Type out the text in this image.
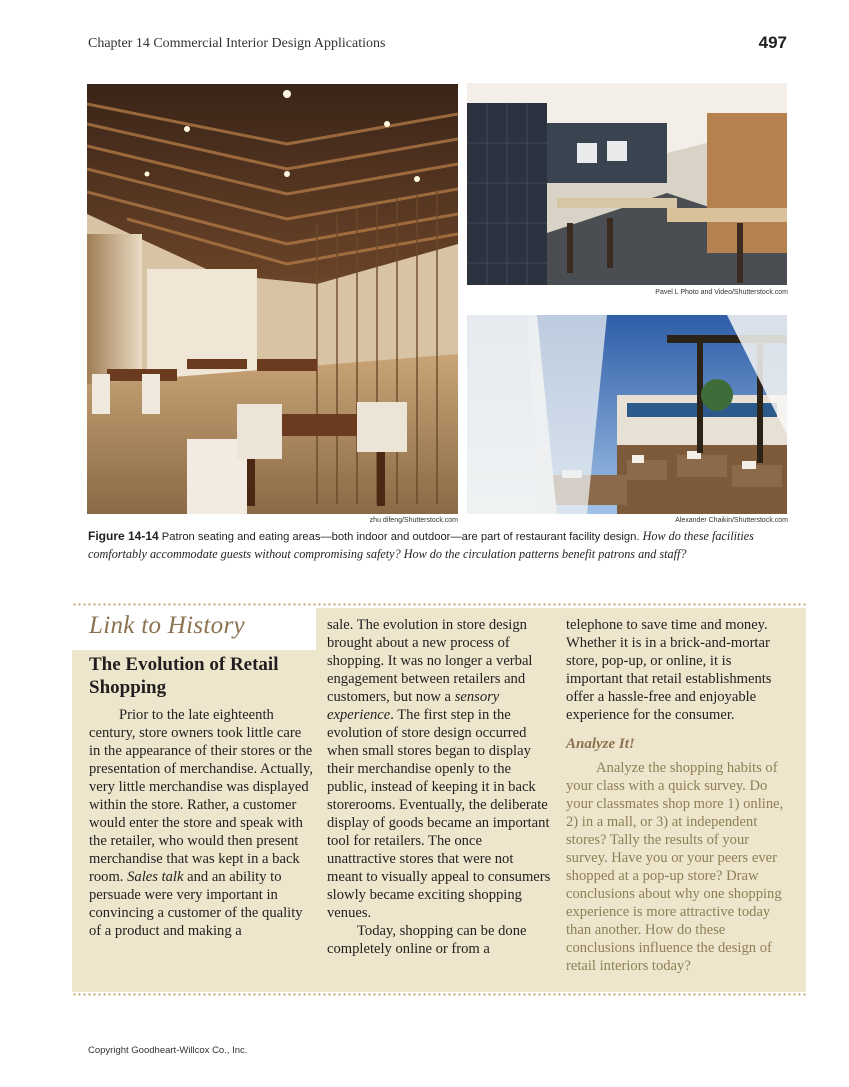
Chapter 14 Commercial Interior Design Applications	497
zhu difeng/Shutterstock.com
Pavel L Photo and Video/Shutterstock.com
Alexander Chaikin/Shutterstock.com
Figure 14-14 Patron seating and eating areas—both indoor and outdoor—are part of restaurant facility design. How do these facilities comfortably accommodate guests without compromising safety? How do the circulation patterns benefit patrons and staff?
Link to History
The Evolution of Retail Shopping

Prior to the late eighteenth century, store owners took little care in the appearance of their stores or the presentation of merchandise. Actually, very little merchandise was displayed within the store. Rather, a customer would enter the store and speak with the retailer, who would then present merchandise that was kept in a back room. Sales talk and an ability to persuade were very important in convincing a customer of the quality of a product and making a

sale. The evolution in store design brought about a new process of shopping. It was no longer a verbal engagement between retailers and customers, but now a sensory experience. The first step in the evolution of store design occurred when small stores began to display their merchandise openly to the public, instead of keeping it in back storerooms. Eventually, the deliberate display of goods became an important tool for retailers. The once unattractive stores that were not meant to visually appeal to consumers slowly became exciting shopping venues.

Today, shopping can be done completely online or from a

telephone to save time and money. Whether it is in a brick-and-mortar store, pop-up, or online, it is important that retail establishments offer a hassle-free and enjoyable experience for the consumer.

Analyze It!

Analyze the shopping habits of your class with a quick survey. Do your classmates shop more 1) online, 2) in a mall, or 3) at independent stores? Tally the results of your survey. Have you or your peers ever shopped at a pop-up store? Draw conclusions about why one shopping experience is more attractive today than another. How do these conclusions influence the design of retail interiors today?

Copyright Goodheart-Willcox Co., Inc.
